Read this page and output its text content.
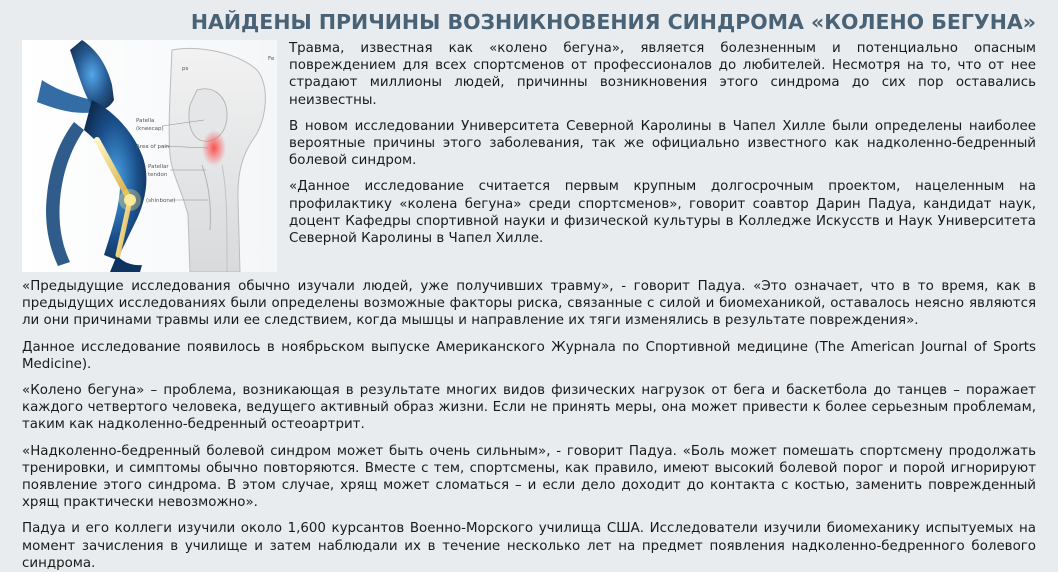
НАЙДЕНЫ ПРИЧИНЫ ВОЗНИКНОВЕНИЯ СИНДРОМА «КОЛЕНО БЕГУНА»
ps
Fe
Patella
(kneecap)
Area of pain
Patellar
tendon
(shinbone)

Травма, известная как «колено бегуна», является болезненным и потенциально опасным повреждением для всех спортсменов от профессионалов до любителей. Несмотря на то, что от нее страдают миллионы людей, причинны возникновения этого синдрома до сих пор оставались неизвестны.

В новом исследовании Университета Северной Каролины в Чапел Хилле были определены наиболее вероятные причины этого заболевания, так же официально известного как надколенно-бедренный болевой синдром.

«Данное исследование считается первым крупным долгосрочным проектом, нацеленным на профилактику «колена бегуна» среди спортсменов», говорит соавтор Дарин Падуа, кандидат наук, доцент Кафедры спортивной науки и физической культуры в Колледже Искусств и Наук Университета Северной Каролины в Чапел Хилле.

«Предыдущие исследования обычно изучали людей, уже получивших травму», - говорит Падуа. «Это означает, что в то время, как в предыдущих исследованиях были определены возможные факторы риска, связанные с силой и биомеханикой, оставалось неясно являются ли они причинами травмы или ее следствием, когда мышцы и направление их тяги изменялись в результате повреждения».

Данное исследование появилось в ноябрьском выпуске Американского Журнала по Спортивной медицине (The American Journal of Sports Medicine).

«Колено бегуна» – проблема, возникающая в результате многих видов физических нагрузок от бега и баскетбола до танцев – поражает каждого четвертого человека, ведущего активный образ жизни. Если не принять меры, она может привести к более серьезным проблемам, таким как надколенно-бедренный остеоартрит.

«Надколенно-бедренный болевой синдром может быть очень сильным», - говорит Падуа. «Боль может помешать спортсмену продолжать тренировки, и симптомы обычно повторяются. Вместе с тем, спортсмены, как правило, имеют высокий болевой порог и порой игнорируют появление этого синдрома. В этом случае, хрящ может сломаться – и если дело доходит до контакта с костью, заменить поврежденный хрящ практически невозможно».

Падуа и его коллеги изучили около 1,600 курсантов Военно-Морского училища США. Исследователи изучили биомеханику испытуемых на момент зачисления в училище и затем наблюдали их в течение несколько лет на предмет появления надколенно-бедренного болевого синдрома.
